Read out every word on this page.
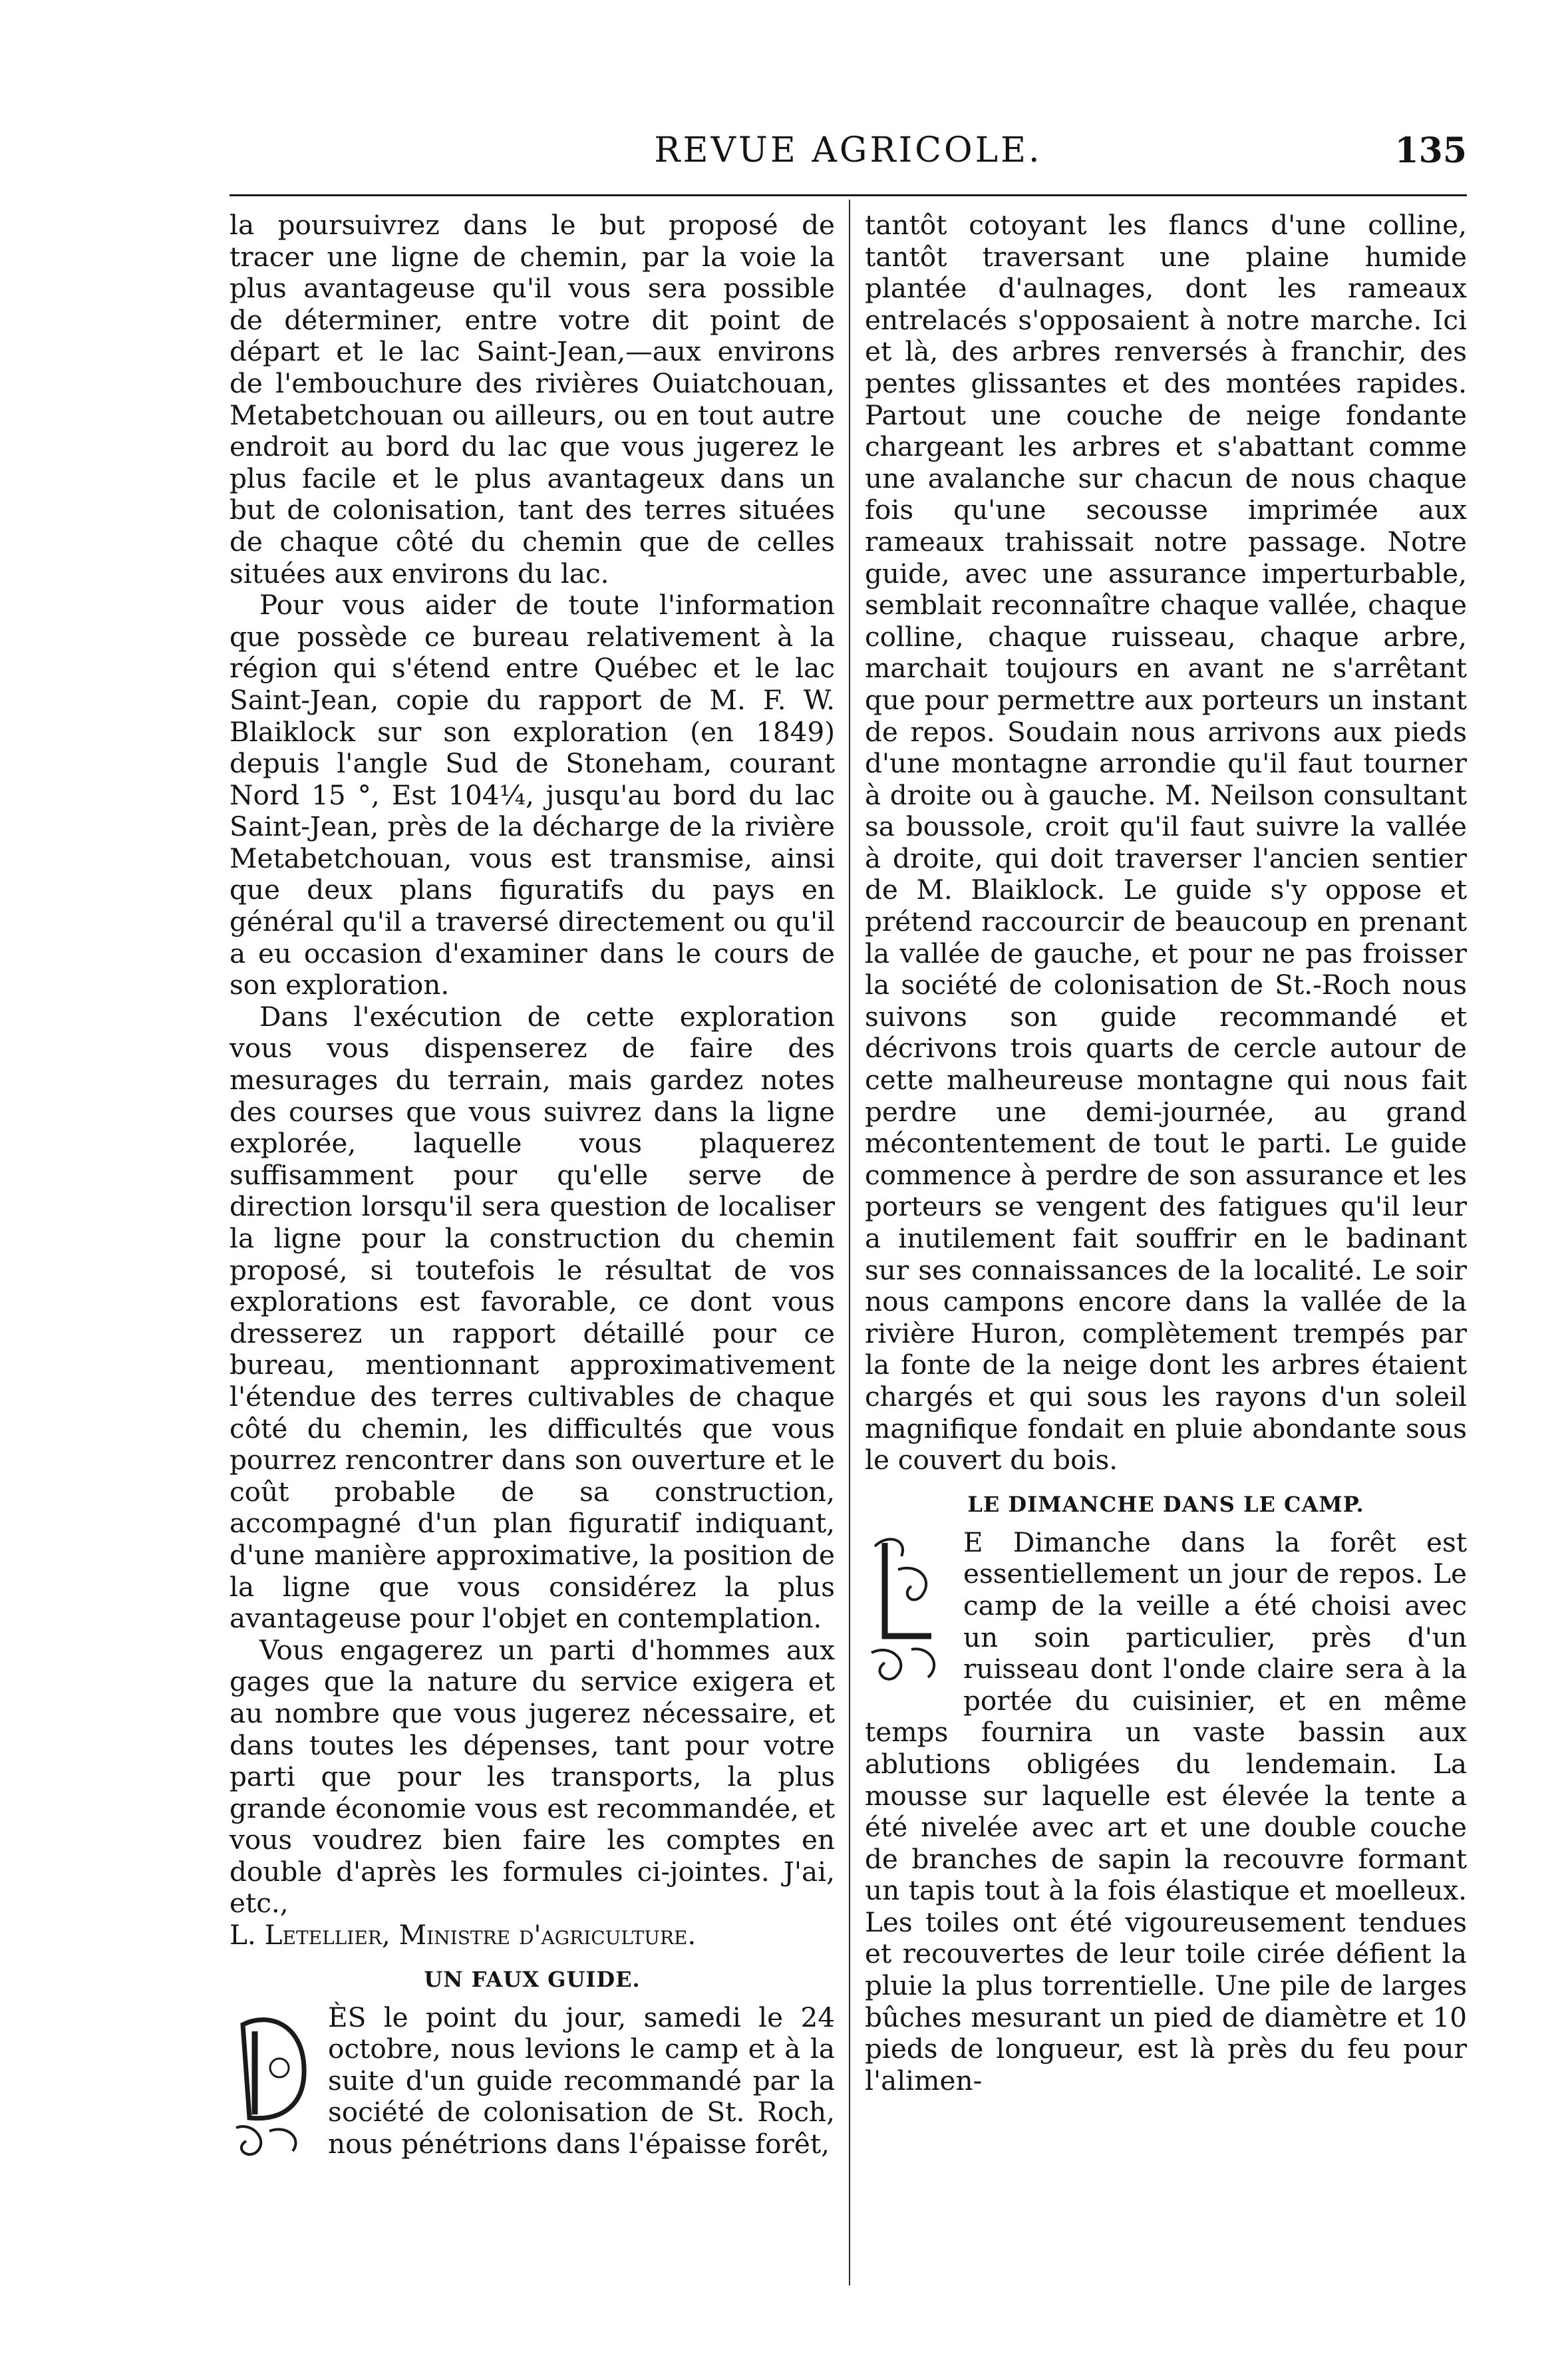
REVUE AGRICOLE.	135

la poursuivrez dans le but proposé de tracer une ligne de chemin, par la voie la plus avantageuse qu'il vous sera possible de déterminer, entre votre dit point de départ et le lac Saint-Jean,—aux environs de l'embouchure des rivières Ouiatchouan, Metabetchouan ou ailleurs, ou en tout autre endroit au bord du lac que vous jugerez le plus facile et le plus avantageux dans un but de colonisation, tant des terres situées de chaque côté du chemin que de celles situées aux environs du lac.

Pour vous aider de toute l'information que possède ce bureau relativement à la région qui s'étend entre Québec et le lac Saint-Jean, copie du rapport de M. F. W. Blaiklock sur son exploration (en 1849) depuis l'angle Sud de Stoneham, courant Nord 15 °, Est 104¼, jusqu'au bord du lac Saint-Jean, près de la décharge de la rivière Metabetchouan, vous est transmise, ainsi que deux plans figuratifs du pays en général qu'il a traversé directement ou qu'il a eu occasion d'examiner dans le cours de son exploration.

Dans l'exécution de cette exploration vous vous dispenserez de faire des mesurages du terrain, mais gardez notes des courses que vous suivrez dans la ligne explorée, laquelle vous plaquerez suffisamment pour qu'elle serve de direction lorsqu'il sera question de localiser la ligne pour la construction du chemin proposé, si toutefois le résultat de vos explorations est favorable, ce dont vous dresserez un rapport détaillé pour ce bureau, mentionnant approximativement l'étendue des terres cultivables de chaque côté du chemin, les difficultés que vous pourrez rencontrer dans son ouverture et le coût probable de sa construction, accompagné d'un plan figuratif indiquant, d'une manière approximative, la position de la ligne que vous considérez la plus avantageuse pour l'objet en contemplation.

Vous engagerez un parti d'hommes aux gages que la nature du service exigera et au nombre que vous jugerez nécessaire, et dans toutes les dépenses, tant pour votre parti que pour les transports, la plus grande économie vous est recommandée, et vous voudrez bien faire les comptes en double d'après les formules ci-jointes. J'ai, etc.,

L. Letellier, Ministre d'agriculture.

UN FAUX GUIDE.

ÈS le point du jour, samedi le 24 octobre, nous levions le camp et à la suite d'un guide recommandé par la société de colonisation de St. Roch, nous pénétrions dans l'épaisse forêt,

tantôt cotoyant les flancs d'une colline, tantôt traversant une plaine humide plantée d'aulnages, dont les rameaux entrelacés s'opposaient à notre marche. Ici et là, des arbres renversés à franchir, des pentes glissantes et des montées rapides. Partout une couche de neige fondante chargeant les arbres et s'abattant comme une avalanche sur chacun de nous chaque fois qu'une secousse imprimée aux rameaux trahissait notre passage. Notre guide, avec une assurance imperturbable, semblait reconnaître chaque vallée, chaque colline, chaque ruisseau, chaque arbre, marchait toujours en avant ne s'arrêtant que pour permettre aux porteurs un instant de repos. Soudain nous arrivons aux pieds d'une montagne arrondie qu'il faut tourner à droite ou à gauche. M. Neilson consultant sa boussole, croit qu'il faut suivre la vallée à droite, qui doit traverser l'ancien sentier de M. Blaiklock. Le guide s'y oppose et prétend raccourcir de beaucoup en prenant la vallée de gauche, et pour ne pas froisser la société de colonisation de St.-Roch nous suivons son guide recommandé et décrivons trois quarts de cercle autour de cette malheureuse montagne qui nous fait perdre une demi-journée, au grand mécontentement de tout le parti. Le guide commence à perdre de son assurance et les porteurs se vengent des fatigues qu'il leur a inutilement fait souffrir en le badinant sur ses connaissances de la localité. Le soir nous campons encore dans la vallée de la rivière Huron, complètement trempés par la fonte de la neige dont les arbres étaient chargés et qui sous les rayons d'un soleil magnifique fondait en pluie abondante sous le couvert du bois.

LE DIMANCHE DANS LE CAMP.

E Dimanche dans la forêt est essentiellement un jour de repos. Le camp de la veille a été choisi avec un soin particulier, près d'un ruisseau dont l'onde claire sera à la portée du cuisinier, et en même temps fournira un vaste bassin aux ablutions obligées du lendemain. La mousse sur laquelle est élevée la tente a été nivelée avec art et une double couche de branches de sapin la recouvre formant un tapis tout à la fois élastique et moelleux. Les toiles ont été vigoureusement tendues et recouvertes de leur toile cirée défient la pluie la plus torrentielle. Une pile de larges bûches mesurant un pied de diamètre et 10 pieds de longueur, est là près du feu pour l'alimen-
